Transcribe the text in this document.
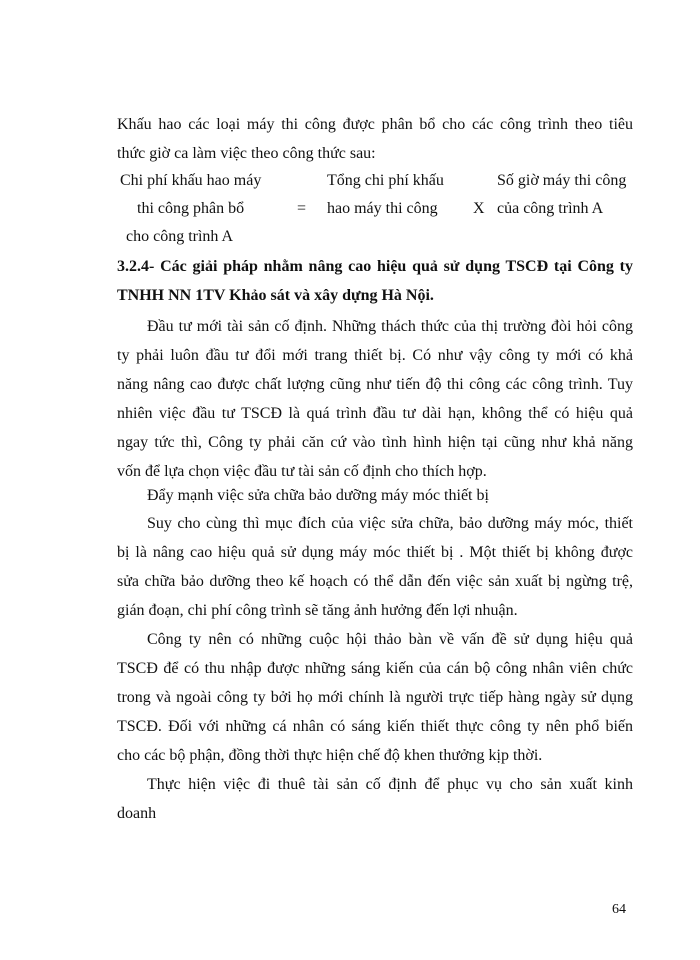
Khấu hao các loại máy thi công được phân bổ cho các công trình theo tiêu
thức giờ ca làm việc theo công thức sau:
Chi phí khấu hao máy
thi công phân bổ
cho công trình A
=
Tổng chi phí khấu
hao máy thi công X
Số giờ máy thi công
của công trình A
3.2.4- Các giải pháp nhằm nâng cao hiệu quả sử dụng TSCĐ tại Công ty
TNHH NN 1TV Khảo sát và xây dựng Hà Nội.
Đầu tư mới tài sản cố định. Những thách thức của thị trường đòi hỏi công
ty phải luôn đầu tư đổi mới trang thiết bị. Có như vậy công ty mới có khả
năng nâng cao được chất lượng cũng như tiến độ thi công các công trình. Tuy
nhiên việc đầu tư TSCĐ là quá trình đầu tư dài hạn, không thể có hiệu quả
ngay tức thì, Công ty phải căn cứ vào tình hình hiện tại cũng như khả năng
vốn để lựa chọn việc đầu tư tài sản cố định cho thích hợp.
Đẩy mạnh việc sửa chữa bảo dưỡng máy móc thiết bị
Suy cho cùng thì mục đích của việc sửa chữa, bảo dưỡng máy móc, thiết
bị là nâng cao hiệu quả sử dụng máy móc thiết bị . Một thiết bị không được
sửa chữa bảo dưỡng theo kế hoạch có thể dẫn đến việc sản xuất bị ngừng trệ,
gián đoạn, chi phí công trình sẽ tăng ảnh hưởng đến lợi nhuận.
Công ty nên có những cuộc hội thảo bàn về vấn đề sử dụng hiệu quả
TSCĐ để có thu nhập được những sáng kiến của cán bộ công nhân viên chức
trong và ngoài công ty bởi họ mới chính là người trực tiếp hàng ngày sử dụng
TSCĐ. Đối với những cá nhân có sáng kiến thiết thực công ty nên phổ biến
cho các bộ phận, đồng thời thực hiện chế độ khen thưởng kịp thời.
Thực hiện việc đi thuê tài sản cố định để phục vụ cho sản xuất kinh
doanh
64
